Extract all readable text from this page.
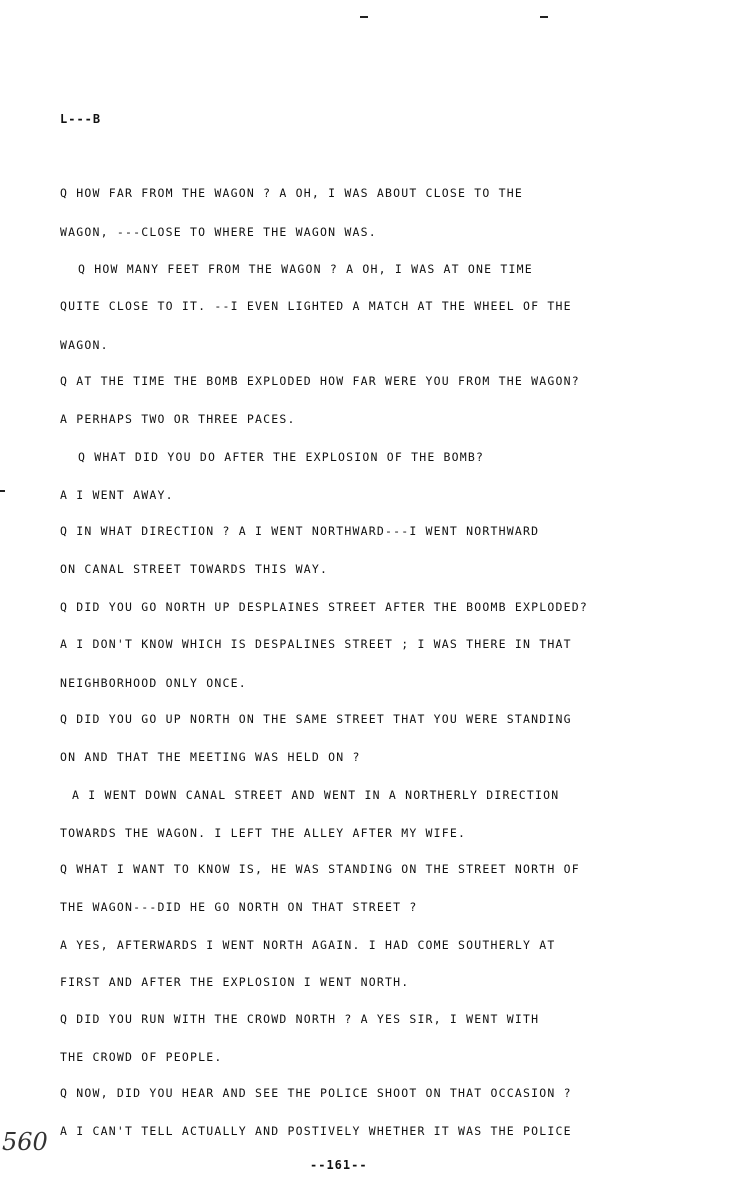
L---B
Q HOW FAR FROM THE WAGON ? A OH, I WAS ABOUT CLOSE TO THE
WAGON, ---CLOSE TO WHERE THE WAGON WAS.
Q HOW MANY FEET FROM THE WAGON ? A OH, I WAS AT ONE TIME
QUITE CLOSE TO IT. --I EVEN LIGHTED A MATCH AT THE WHEEL OF THE
WAGON.
Q AT THE TIME THE BOMB EXPLODED HOW FAR WERE YOU FROM THE WAGON?
A PERHAPS TWO OR THREE PACES.
Q WHAT DID YOU DO AFTER THE EXPLOSION OF THE BOMB?
A I WENT AWAY.
Q IN WHAT DIRECTION ? A I WENT NORTHWARD---I WENT NORTHWARD
ON CANAL STREET TOWARDS THIS WAY.
Q DID YOU GO NORTH UP DESPLAINES STREET AFTER THE BOOMB EXPLODED?
A I DON'T KNOW WHICH IS DESPALINES STREET ; I WAS THERE IN THAT
NEIGHBORHOOD ONLY ONCE.
Q DID YOU GO UP NORTH ON THE SAME STREET THAT YOU WERE STANDING
ON AND THAT THE MEETING WAS HELD ON ?
A I WENT DOWN CANAL STREET AND WENT IN A NORTHERLY DIRECTION
TOWARDS THE WAGON. I LEFT THE ALLEY AFTER MY WIFE.
Q WHAT I WANT TO KNOW IS, HE WAS STANDING ON THE STREET NORTH OF
THE WAGON---DID HE GO NORTH ON THAT STREET ?
A YES, AFTERWARDS I WENT NORTH AGAIN. I HAD COME SOUTHERLY AT
FIRST AND AFTER THE EXPLOSION I WENT NORTH.
Q DID YOU RUN WITH THE CROWD NORTH ? A YES SIR, I WENT WITH
THE CROWD OF PEOPLE.
Q NOW, DID YOU HEAR AND SEE THE POLICE SHOOT ON THAT OCCASION ?
A I CAN'T TELL ACTUALLY AND POSTIVELY WHETHER IT WAS THE POLICE
560
--161--
